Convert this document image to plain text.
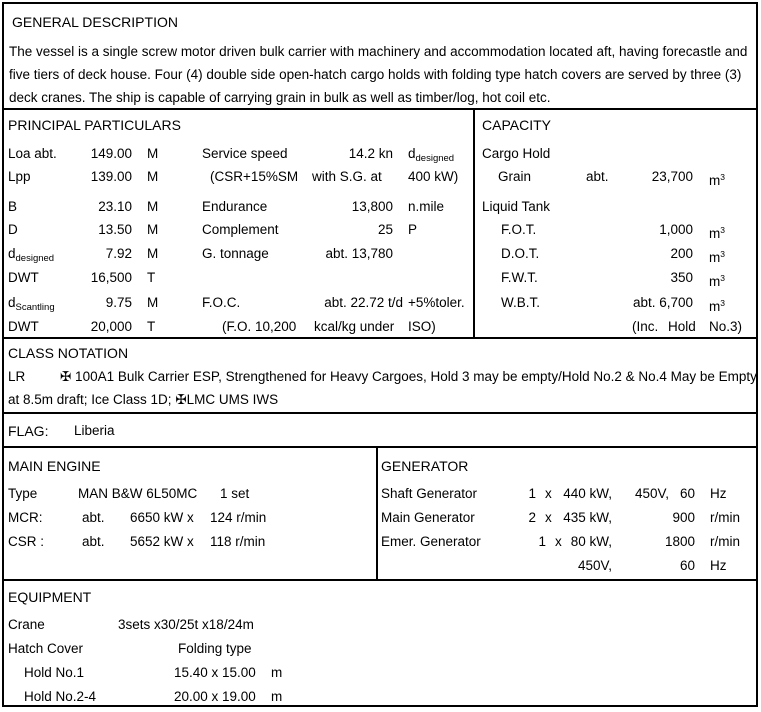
GENERAL DESCRIPTION
The vessel is a single screw motor driven bulk carrier with machinery and accommodation located aft, having forecastle and
five tiers of deck house. Four (4) double side open-hatch cargo holds with folding type hatch covers are served by three (3)
deck cranes. The ship is capable of carrying grain in bulk as well as timber/log, hot coil etc.
PRINCIPAL PARTICULARS
Loa abt.	149.00 M	Service speed	14.2 kn $d_{designed}$
Lpp	139.00 M	(CSR+15%SM with S.G. at 400 kW)
B	23.10 M	Endurance	13,800 n.mile
D	13.50 M	Complement	25 P
$d_{designed}$	7.92 M	G. tonnage	abt. 13,780
DWT	16,500 T
$d_{Scantling}$	9.75 M	F.O.C.	abt. 22.72 t/d +5%toler.
DWT	20,000 T	(F.O. 10,200 kcal/kg under ISO)
CAPACITY
Cargo Hold
Grain	abt.	23,700 $m^3$
Liquid Tank
F.O.T.	1,000 $m^3$
D.O.T.	200 $m^3$
F.W.T.	350 $m^3$
W.B.T.	abt. 6,700 $m^3$
(Inc. Hold No.3)
CLASS NOTATION
LR	✠ 100A1 Bulk Carrier ESP, Strengthened for Heavy Cargoes, Hold 3 may be empty/Hold No.2 & No.4 May be Empty
at 8.5m draft; Ice Class 1D; ✠LMC UMS IWS
FLAG: Liberia
MAIN ENGINE
Type	MAN B&W 6L50MC 1 set
MCR:	abt. 6650 kW x 124 r/min
CSR :	abt. 5652 kW x 118 r/min
GENERATOR
Shaft Generator	1 x 440 kW,	450V, 60 Hz
Main Generator	2 x 435 kW,	900 r/min
Emer. Generator	1 x 80 kW,	1800 r/min
450V,	60 Hz
EQUIPMENT
Crane	3sets x30/25t x18/24m
Hatch Cover	Folding type
Hold No.1	15.40 x 15.00 m
Hold No.2-4	20.00 x 19.00 m
